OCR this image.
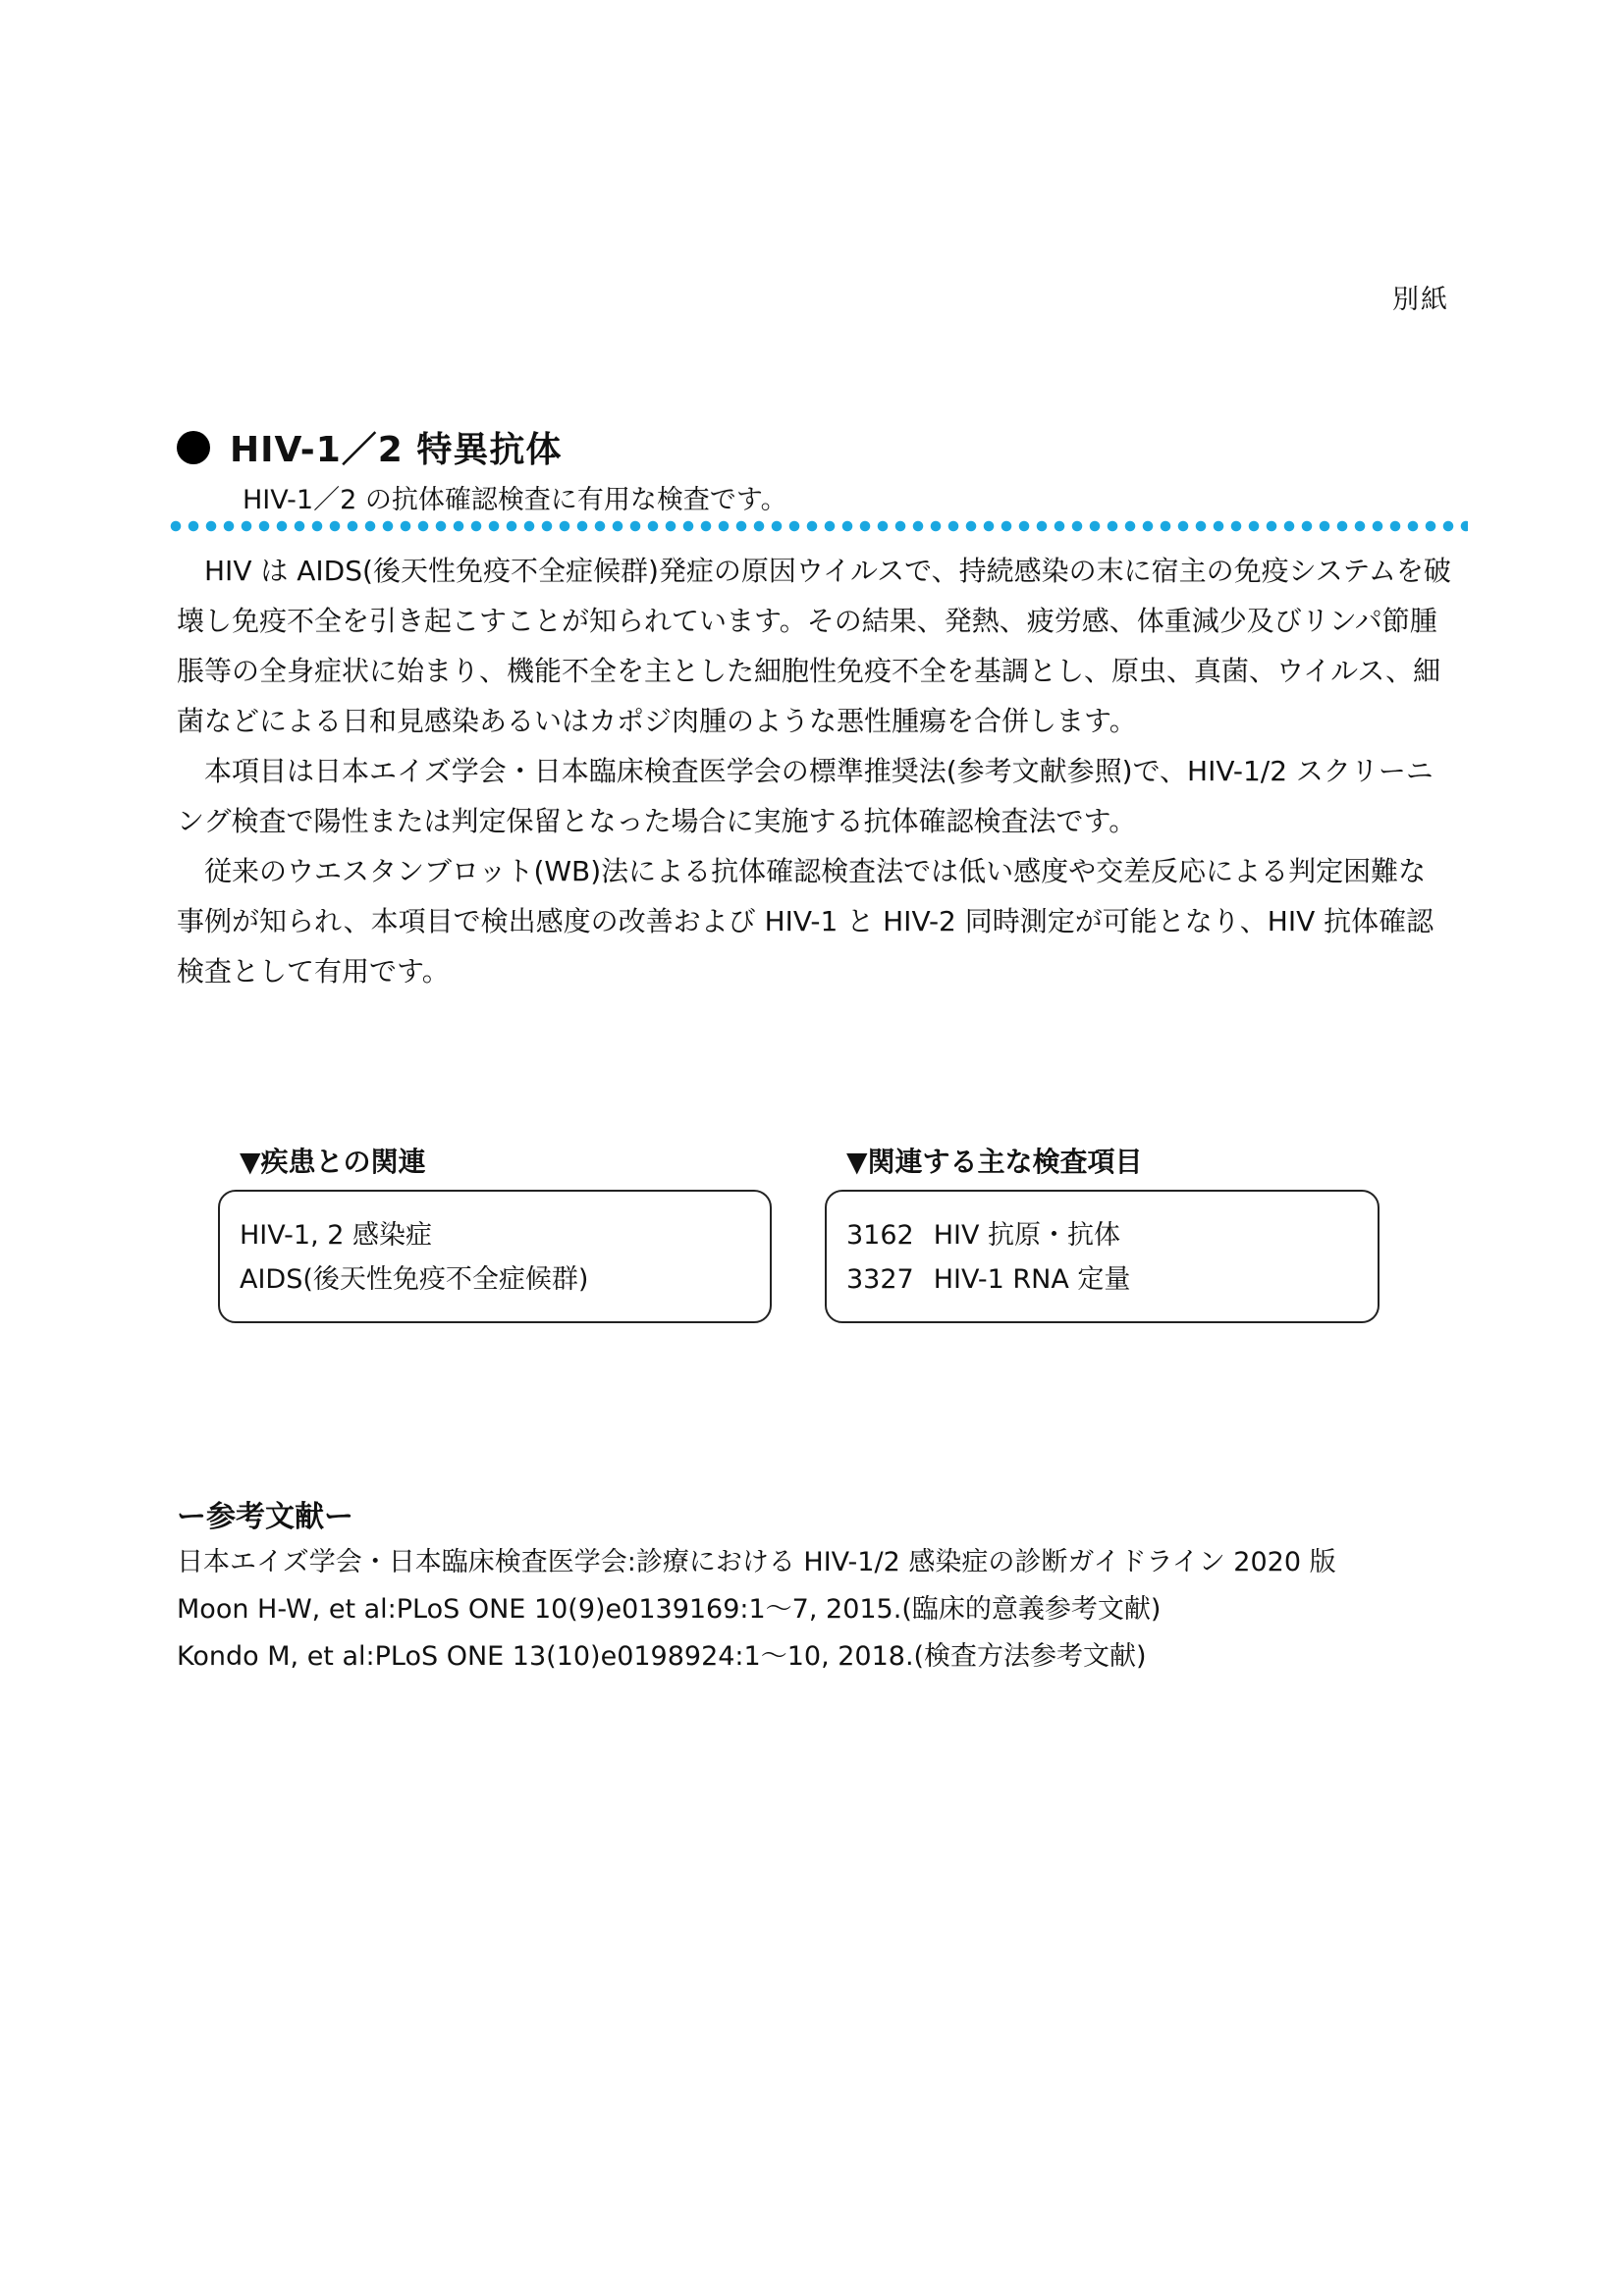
別紙
HIV-1／2 特異抗体
HIV-1／2 の抗体確認検査に有用な検査です。

HIV は AIDS(後天性免疫不全症候群)発症の原因ウイルスで、持続感染の末に宿主の免疫システムを破壊し免疫不全を引き起こすことが知られています。その結果、発熱、疲労感、体重減少及びリンパ節腫脹等の全身症状に始まり、機能不全を主とした細胞性免疫不全を基調とし、原虫、真菌、ウイルス、細菌などによる日和見感染あるいはカポジ肉腫のような悪性腫瘍を合併します。

本項目は日本エイズ学会・日本臨床検査医学会の標準推奨法(参考文献参照)で、HIV-1/2 スクリーニング検査で陽性または判定保留となった場合に実施する抗体確認検査法です。

従来のウエスタンブロット(WB)法による抗体確認検査法では低い感度や交差反応による判定困難な事例が知られ、本項目で検出感度の改善および HIV-1 と HIV-2 同時測定が可能となり、HIV 抗体確認検査として有用です。

▼疾患との関連
HIV-1, 2 感染症
AIDS(後天性免疫不全症候群)
▼関連する主な検査項目
3162 HIV 抗原・抗体
3327 HIV-1 RNA 定量
ー参考文献ー
日本エイズ学会・日本臨床検査医学会:診療における HIV-1/2 感染症の診断ガイドライン 2020 版
Moon H-W, et al:PLoS ONE 10(9)e0139169:1～7, 2015.(臨床的意義参考文献)
Kondo M, et al:PLoS ONE 13(10)e0198924:1～10, 2018.(検査方法参考文献)
